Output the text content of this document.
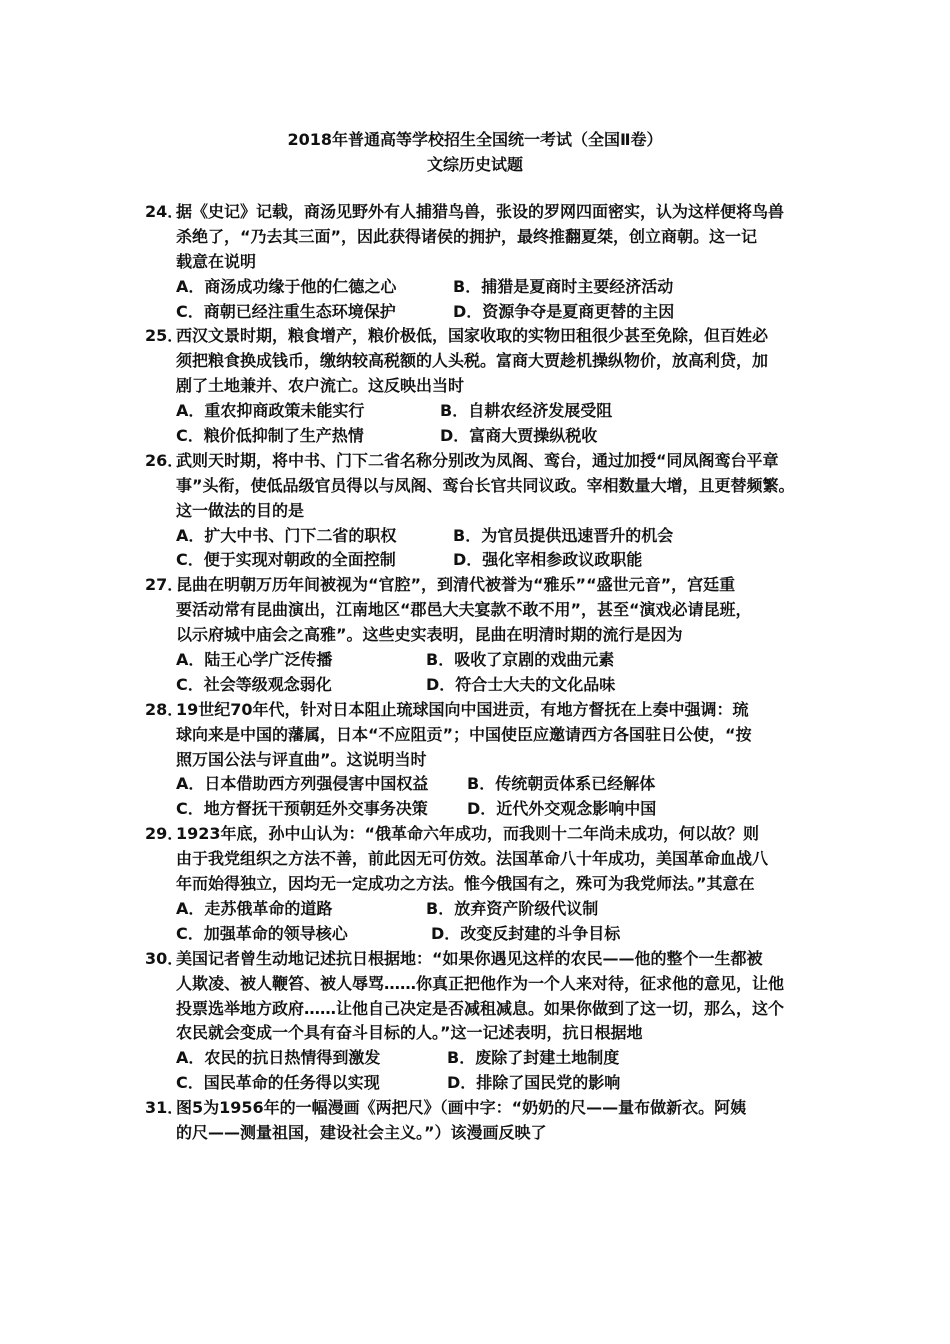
2018年普通高等学校招生全国统一考试（全国Ⅱ卷）
文综历史试题
24．
据《史记》记载，商汤见野外有人捕猎鸟兽，张设的罗网四面密实，认为这样便将鸟兽
杀绝了，“乃去其三面”，因此获得诸侯的拥护，最终推翻夏桀，创立商朝。这一记
载意在说明
A．商汤成功缘于他的仁德之心	B．捕猎是夏商时主要经济活动
C．商朝已经注重生态环境保护	D．资源争夺是夏商更替的主因
25．
西汉文景时期，粮食增产，粮价极低，国家收取的实物田租很少甚至免除，但百姓必
须把粮食换成钱币，缴纳较高税额的人头税。富商大贾趁机操纵物价，放高利贷，加
剧了土地兼并、农户流亡。这反映出当时
A．重农抑商政策未能实行	B．自耕农经济发展受阻
C．粮价低抑制了生产热情	D．富商大贾操纵税收
26．
武则天时期，将中书、门下二省名称分别改为凤阁、鸾台，通过加授“同凤阁鸾台平章
事”头衔，使低品级官员得以与凤阁、鸾台长官共同议政。宰相数量大增，且更替频繁。
这一做法的目的是
A．扩大中书、门下二省的职权	B．为官员提供迅速晋升的机会
C．便于实现对朝政的全面控制	D．强化宰相参政议政职能
27．
昆曲在明朝万历年间被视为“官腔”，到清代被誉为“雅乐”“盛世元音”，宫廷重
要活动常有昆曲演出，江南地区“郡邑大夫宴款不敢不用”，甚至“演戏必请昆班，
以示府城中庙会之高雅”。这些史实表明，昆曲在明清时期的流行是因为
A．陆王心学广泛传播	B．吸收了京剧的戏曲元素
C．社会等级观念弱化	D．符合士大夫的文化品味
28．
19世纪70年代，针对日本阻止琉球国向中国进贡，有地方督抚在上奏中强调：琉
球向来是中国的藩属，日本“不应阻贡”；中国使臣应邀请西方各国驻日公使，“按
照万国公法与评直曲”。这说明当时
A．日本借助西方列强侵害中国权益 B．传统朝贡体系已经解体
C．地方督抚干预朝廷外交事务决策 D．近代外交观念影响中国
29．
1923年底，孙中山认为：“俄革命六年成功，而我则十二年尚未成功，何以故？则
由于我党组织之方法不善，前此因无可仿效。法国革命八十年成功，美国革命血战八
年而始得独立，因均无一定成功之方法。惟今俄国有之，殊可为我党师法。”其意在
A．走苏俄革命的道路	B．放弃资产阶级代议制
C．加强革命的领导核心	D．改变反封建的斗争目标
30．
美国记者曾生动地记述抗日根据地：“如果你遇见这样的农民——他的整个一生都被
人欺凌、被人鞭笞、被人辱骂……你真正把他作为一个人来对待，征求他的意见，让他
投票选举地方政府……让他自己决定是否减租减息。如果你做到了这一切，那么，这个
农民就会变成一个具有奋斗目标的人。”这一记述表明，抗日根据地
A．农民的抗日热情得到激发	B．废除了封建土地制度
C．国民革命的任务得以实现	D．排除了国民党的影响
31．
图5为1956年的一幅漫画《两把尺》（画中字：“奶奶的尺——量布做新衣。阿姨
的尺——测量祖国，建设社会主义。”）该漫画反映了
